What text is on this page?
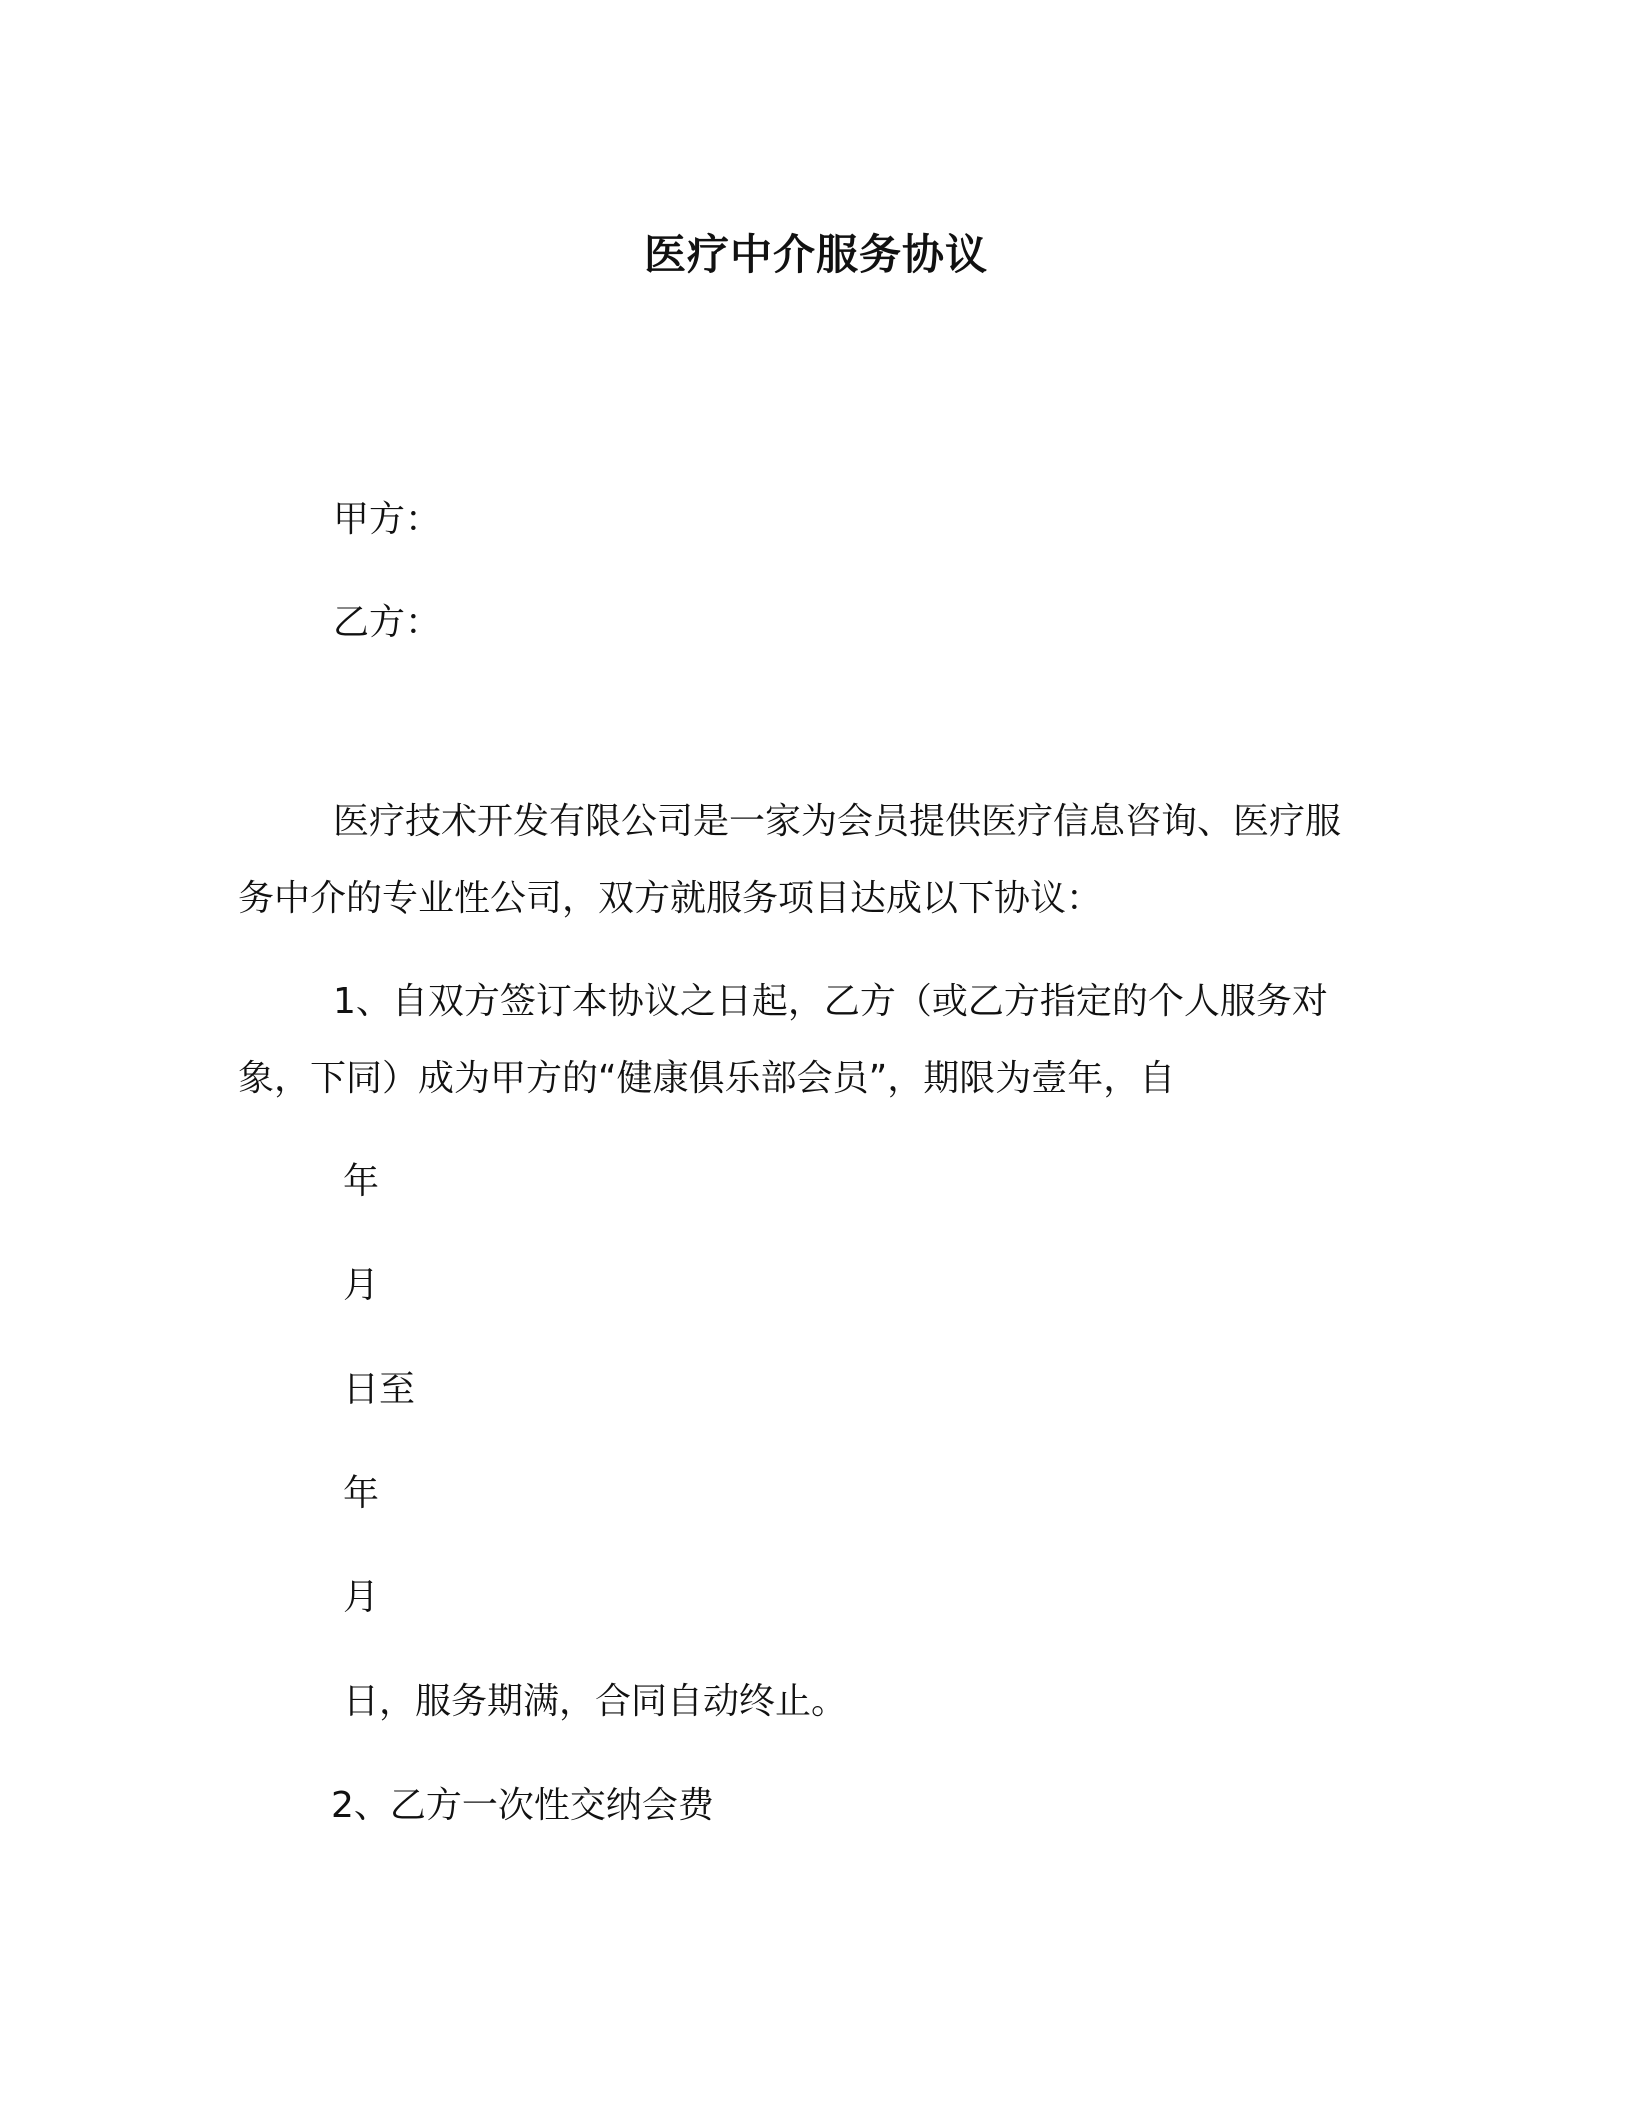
医疗中介服务协议
甲方：
乙方：
医疗技术开发有限公司是一家为会员提供医疗信息咨询、医疗服
务中介的专业性公司，双方就服务项目达成以下协议：
1、自双方签订本协议之日起，乙方（或乙方指定的个人服务对
象，下同）成为甲方的“健康俱乐部会员”，期限为壹年，自
年
月
日至
年
月
日，服务期满，合同自动终止。
2、乙方一次性交纳会费
